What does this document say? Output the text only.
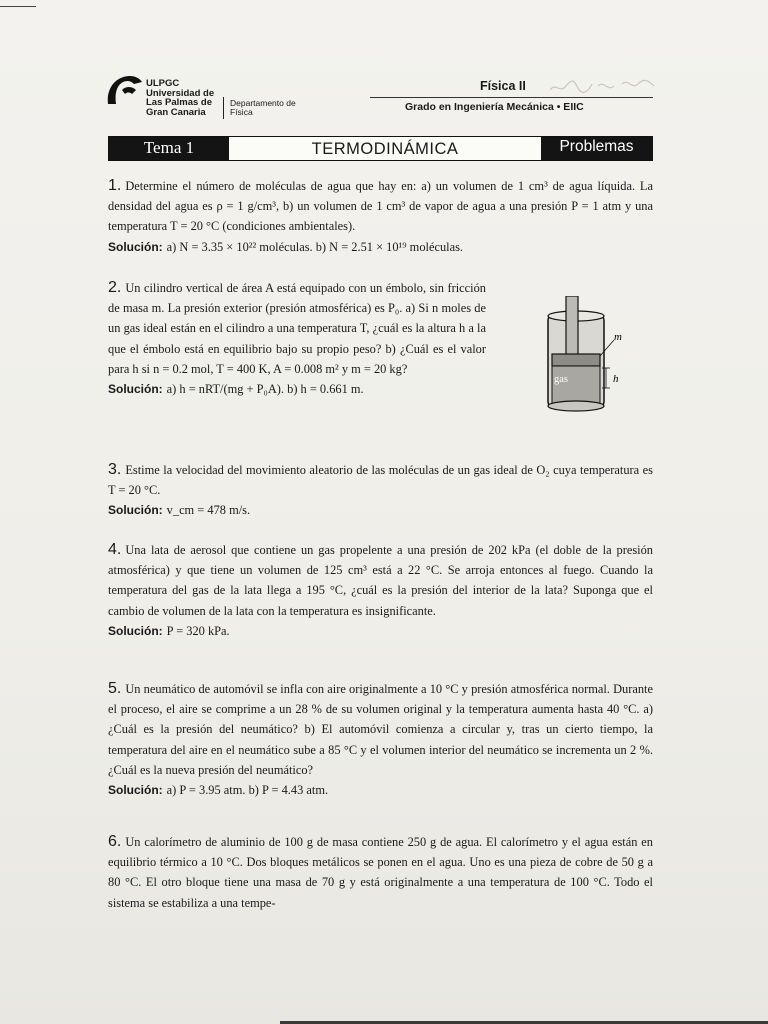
ULPGC
Universidad de
Las Palmas de
Gran Canaria
Departamento de
Física
Física II
Grado en Ingeniería Mecánica • EIIC
Tema 1	TERMODINÁMICA	Problemas
1. Determine el número de moléculas de agua que hay en: a) un volumen de 1 cm³ de agua líquida. La densidad del agua es ρ = 1 g/cm³, b) un volumen de 1 cm³ de vapor de agua a una presión P = 1 atm y una temperatura T = 20 °C (condiciones ambientales).
Solución: a) N = 3.35 × 10²² moléculas. b) N = 2.51 × 10¹⁹ moléculas.
2. Un cilindro vertical de área A está equipado con un émbolo, sin fricción de masa m. La presión exterior (presión atmosférica) es P₀. a) Si n moles de un gas ideal están en el cilindro a una temperatura T, ¿cuál es la altura h a la que el émbolo está en equilibrio bajo su propio peso? b) ¿Cuál es el valor para h si n = 0.2 mol, T = 400 K, A = 0.008 m² y m = 20 kg?
Solución: a) h = nRT/(mg + P₀A). b) h = 0.661 m.
m
gas	h
3. Estime la velocidad del movimiento aleatorio de las moléculas de un gas ideal de O₂ cuya temperatura es T = 20 °C.
Solución: v_cm = 478 m/s.
4. Una lata de aerosol que contiene un gas propelente a una presión de 202 kPa (el doble de la presión atmosférica) y que tiene un volumen de 125 cm³ está a 22 °C. Se arroja entonces al fuego. Cuando la temperatura del gas de la lata llega a 195 °C, ¿cuál es la presión del interior de la lata? Suponga que el cambio de volumen de la lata con la temperatura es insignificante.
Solución: P = 320 kPa.
5. Un neumático de automóvil se infla con aire originalmente a 10 °C y presión atmosférica normal. Durante el proceso, el aire se comprime a un 28 % de su volumen original y la temperatura aumenta hasta 40 °C. a) ¿Cuál es la presión del neumático? b) El automóvil comienza a circular y, tras un cierto tiempo, la temperatura del aire en el neumático sube a 85 °C y el volumen interior del neumático se incrementa un 2 %. ¿Cuál es la nueva presión del neumático?
Solución: a) P = 3.95 atm. b) P = 4.43 atm.
6. Un calorímetro de aluminio de 100 g de masa contiene 250 g de agua. El calorímetro y el agua están en equilibrio térmico a 10 °C. Dos bloques metálicos se ponen en el agua. Uno es una pieza de cobre de 50 g a 80 °C. El otro bloque tiene una masa de 70 g y está originalmente a una temperatura de 100 °C. Todo el sistema se estabiliza a una tempe-
